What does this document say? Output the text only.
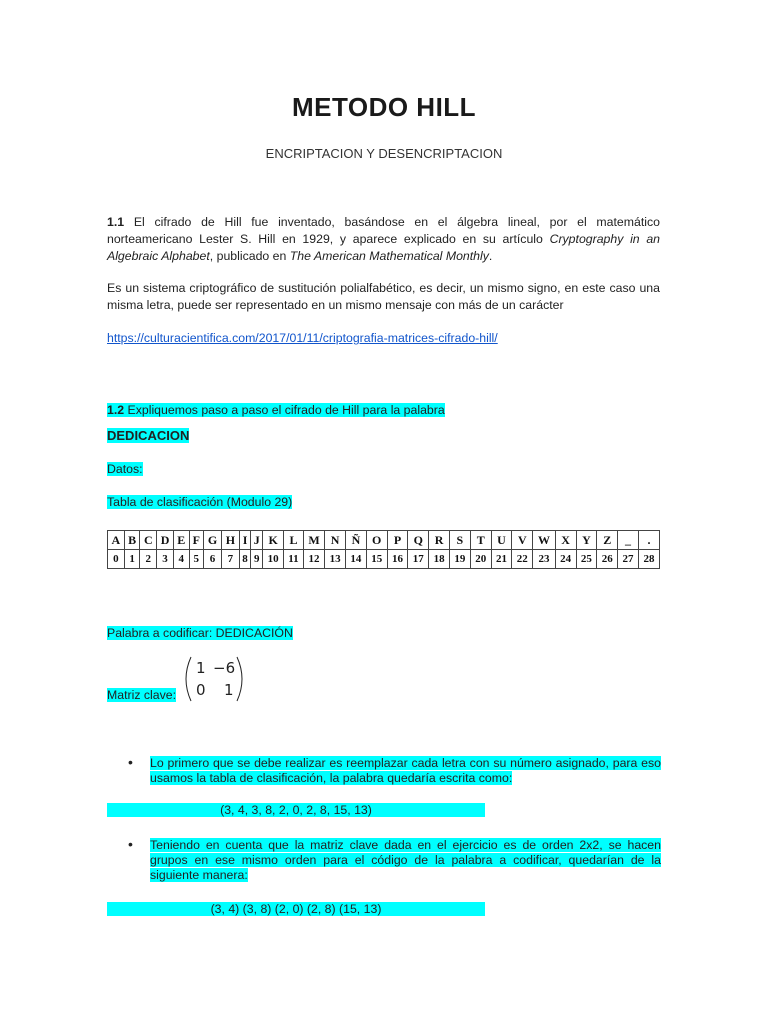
METODO HILL
ENCRIPTACION Y DESENCRIPTACION
1.1 El cifrado de Hill fue inventado, basándose en el álgebra lineal, por el matemático norteamericano Lester S. Hill en 1929, y aparece explicado en su artículo Cryptography in an Algebraic Alphabet, publicado en The American Mathematical Monthly.
Es un sistema criptográfico de sustitución polialfabético, es decir, un mismo signo, en este caso una misma letra, puede ser representado en un mismo mensaje con más de un carácter
https://culturacientifica.com/2017/01/11/criptografia-matrices-cifrado-hill/
1.2 Expliquemos paso a paso el cifrado de Hill para la palabra
DEDICACION
Datos:
Tabla de clasificación (Modulo 29)
A	B	C	D	E	F	G	H	I	J	K	L	M	N	Ñ	O	P	Q	R	S	T	U	V	W	X	Y	Z	_	.
0	1	2	3	4	5	6	7	8	9	10	11	12	13	14	15	16	17	18	19	20	21	22	23	24	25	26	27	28
Palabra a codificar: DEDICACIÓN
Matriz clave:
1 −6
0 1
• Lo primero que se debe realizar es reemplazar cada letra con su número asignado, para eso usamos la tabla de clasificación, la palabra quedaría escrita como:
(3, 4, 3, 8, 2, 0, 2, 8, 15, 13)
• Teniendo en cuenta que la matriz clave dada en el ejercicio es de orden 2x2, se hacen grupos en ese mismo orden para el código de la palabra a codificar, quedarían de la siguiente manera:
(3, 4) (3, 8) (2, 0) (2, 8) (15, 13)
